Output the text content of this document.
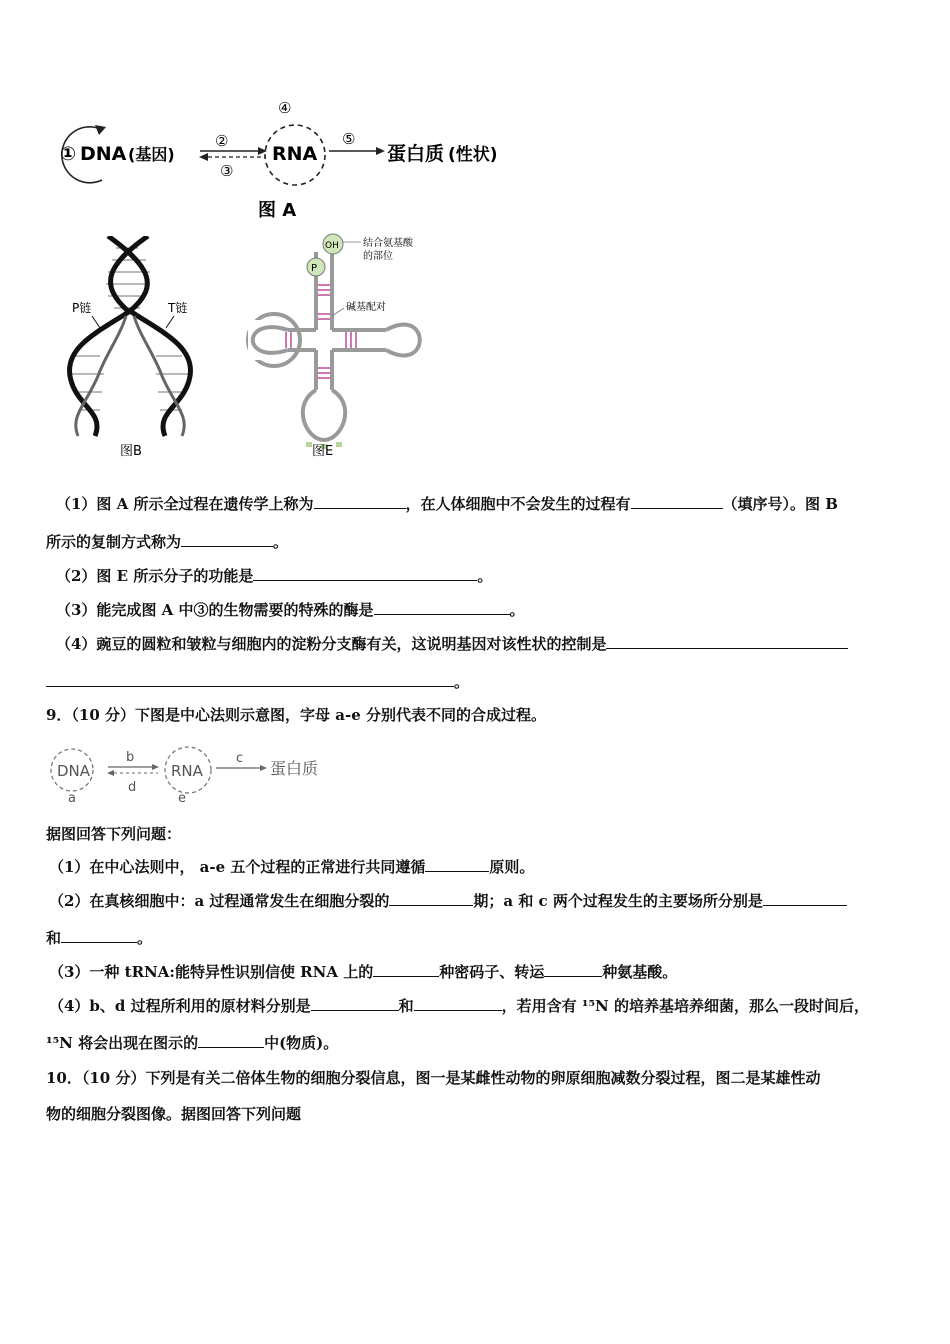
① DNA (基因)
②
③
④
RNA
⑤
蛋白质 (性状)
图 A
P链	T链
图B
P
OH 结合氨基酸
的部位
碱基配对
图E
（1）图 A 所示全过程在遗传学上称为	，在人体细胞中不会发生的过程有	（填序号）。图 B
所示的复制方式称为	。
（2）图 E 所示分子的功能是	。
（3）能完成图 A 中③的生物需要的特殊的酶是	。
（4）豌豆的圆粒和皱粒与细胞内的淀粉分支酶有关，这说明基因对该性状的控制是
。
9．（10 分）下图是中心法则示意图，字母 a-e 分别代表不同的合成过程。
DNA
b
d
RNA
c
蛋白质
a	e
据图回答下列问题：
（1）在中心法则中， a-e 五个过程的正常进行共同遵循	原则。
（2）在真核细胞中：a 过程通常发生在细胞分裂的	期；a 和 c 两个过程发生的主要场所分别是
和	。
（3）一种 tRNA:能特异性识别信使 RNA 上的	种密码子、转运	种氨基酸。
（4）b、d 过程所利用的原材料分别是	和	，若用含有 ¹⁵N 的培养基培养细菌，那么一段时间后，
¹⁵N 将会出现在图示的	中(物质)。
10．（10 分）下列是有关二倍体生物的细胞分裂信息，图一是某雌性动物的卵原细胞减数分裂过程，图二是某雄性动
物的细胞分裂图像。据图回答下列问题
